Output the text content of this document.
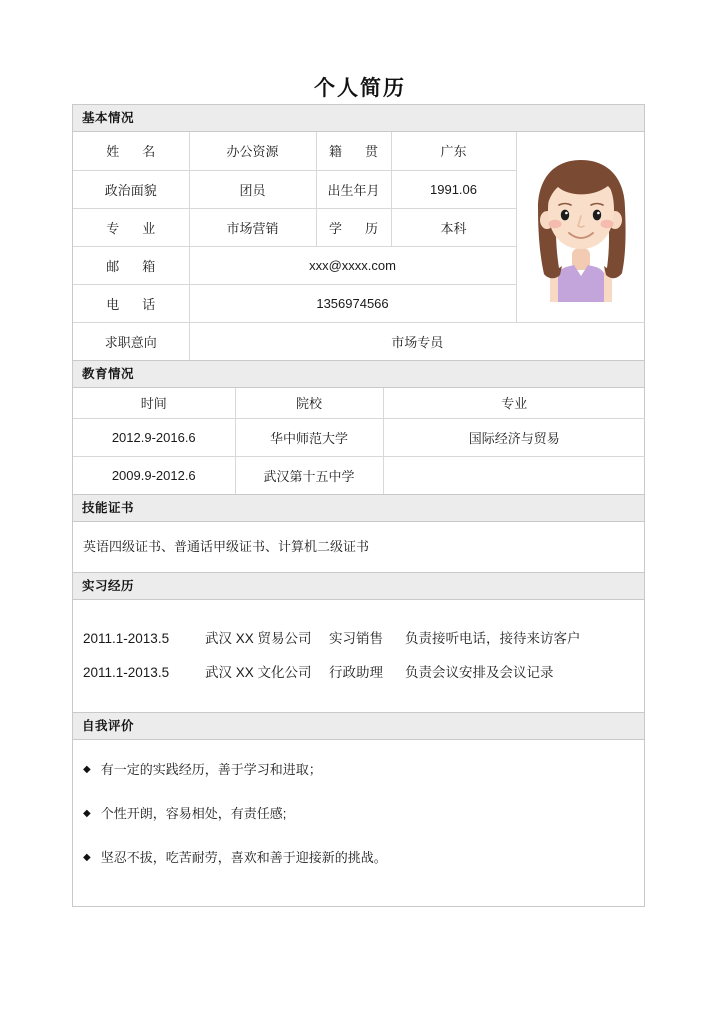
个人简历
基本情况
姓　名	办公资源	籍　贯	广东	

政治面貌	团员	出生年月	1991.06	
专　业	市场营销	学　历	本科	
邮　箱	xxx@xxxx.com			
电　话	1356974566			
求职意向	市场专员			
教育情况
时间	院校	专业
2012.9-2016.6	华中师范大学	国际经济与贸易
2009.9-2012.6	武汉第十五中学	
技能证书
英语四级证书、普通话甲级证书、计算机二级证书
实习经历
2011.1-2013.5	武汉 XX 贸易公司 实习销售 负责接听电话，接待来访客户
2011.1-2013.5	武汉 XX 文化公司 行政助理 负责会议安排及会议记录
自我评价
◆ 有一定的实践经历，善于学习和进取；
◆ 个性开朗，容易相处，有责任感;
◆ 坚忍不拔，吃苦耐劳，喜欢和善于迎接新的挑战。
